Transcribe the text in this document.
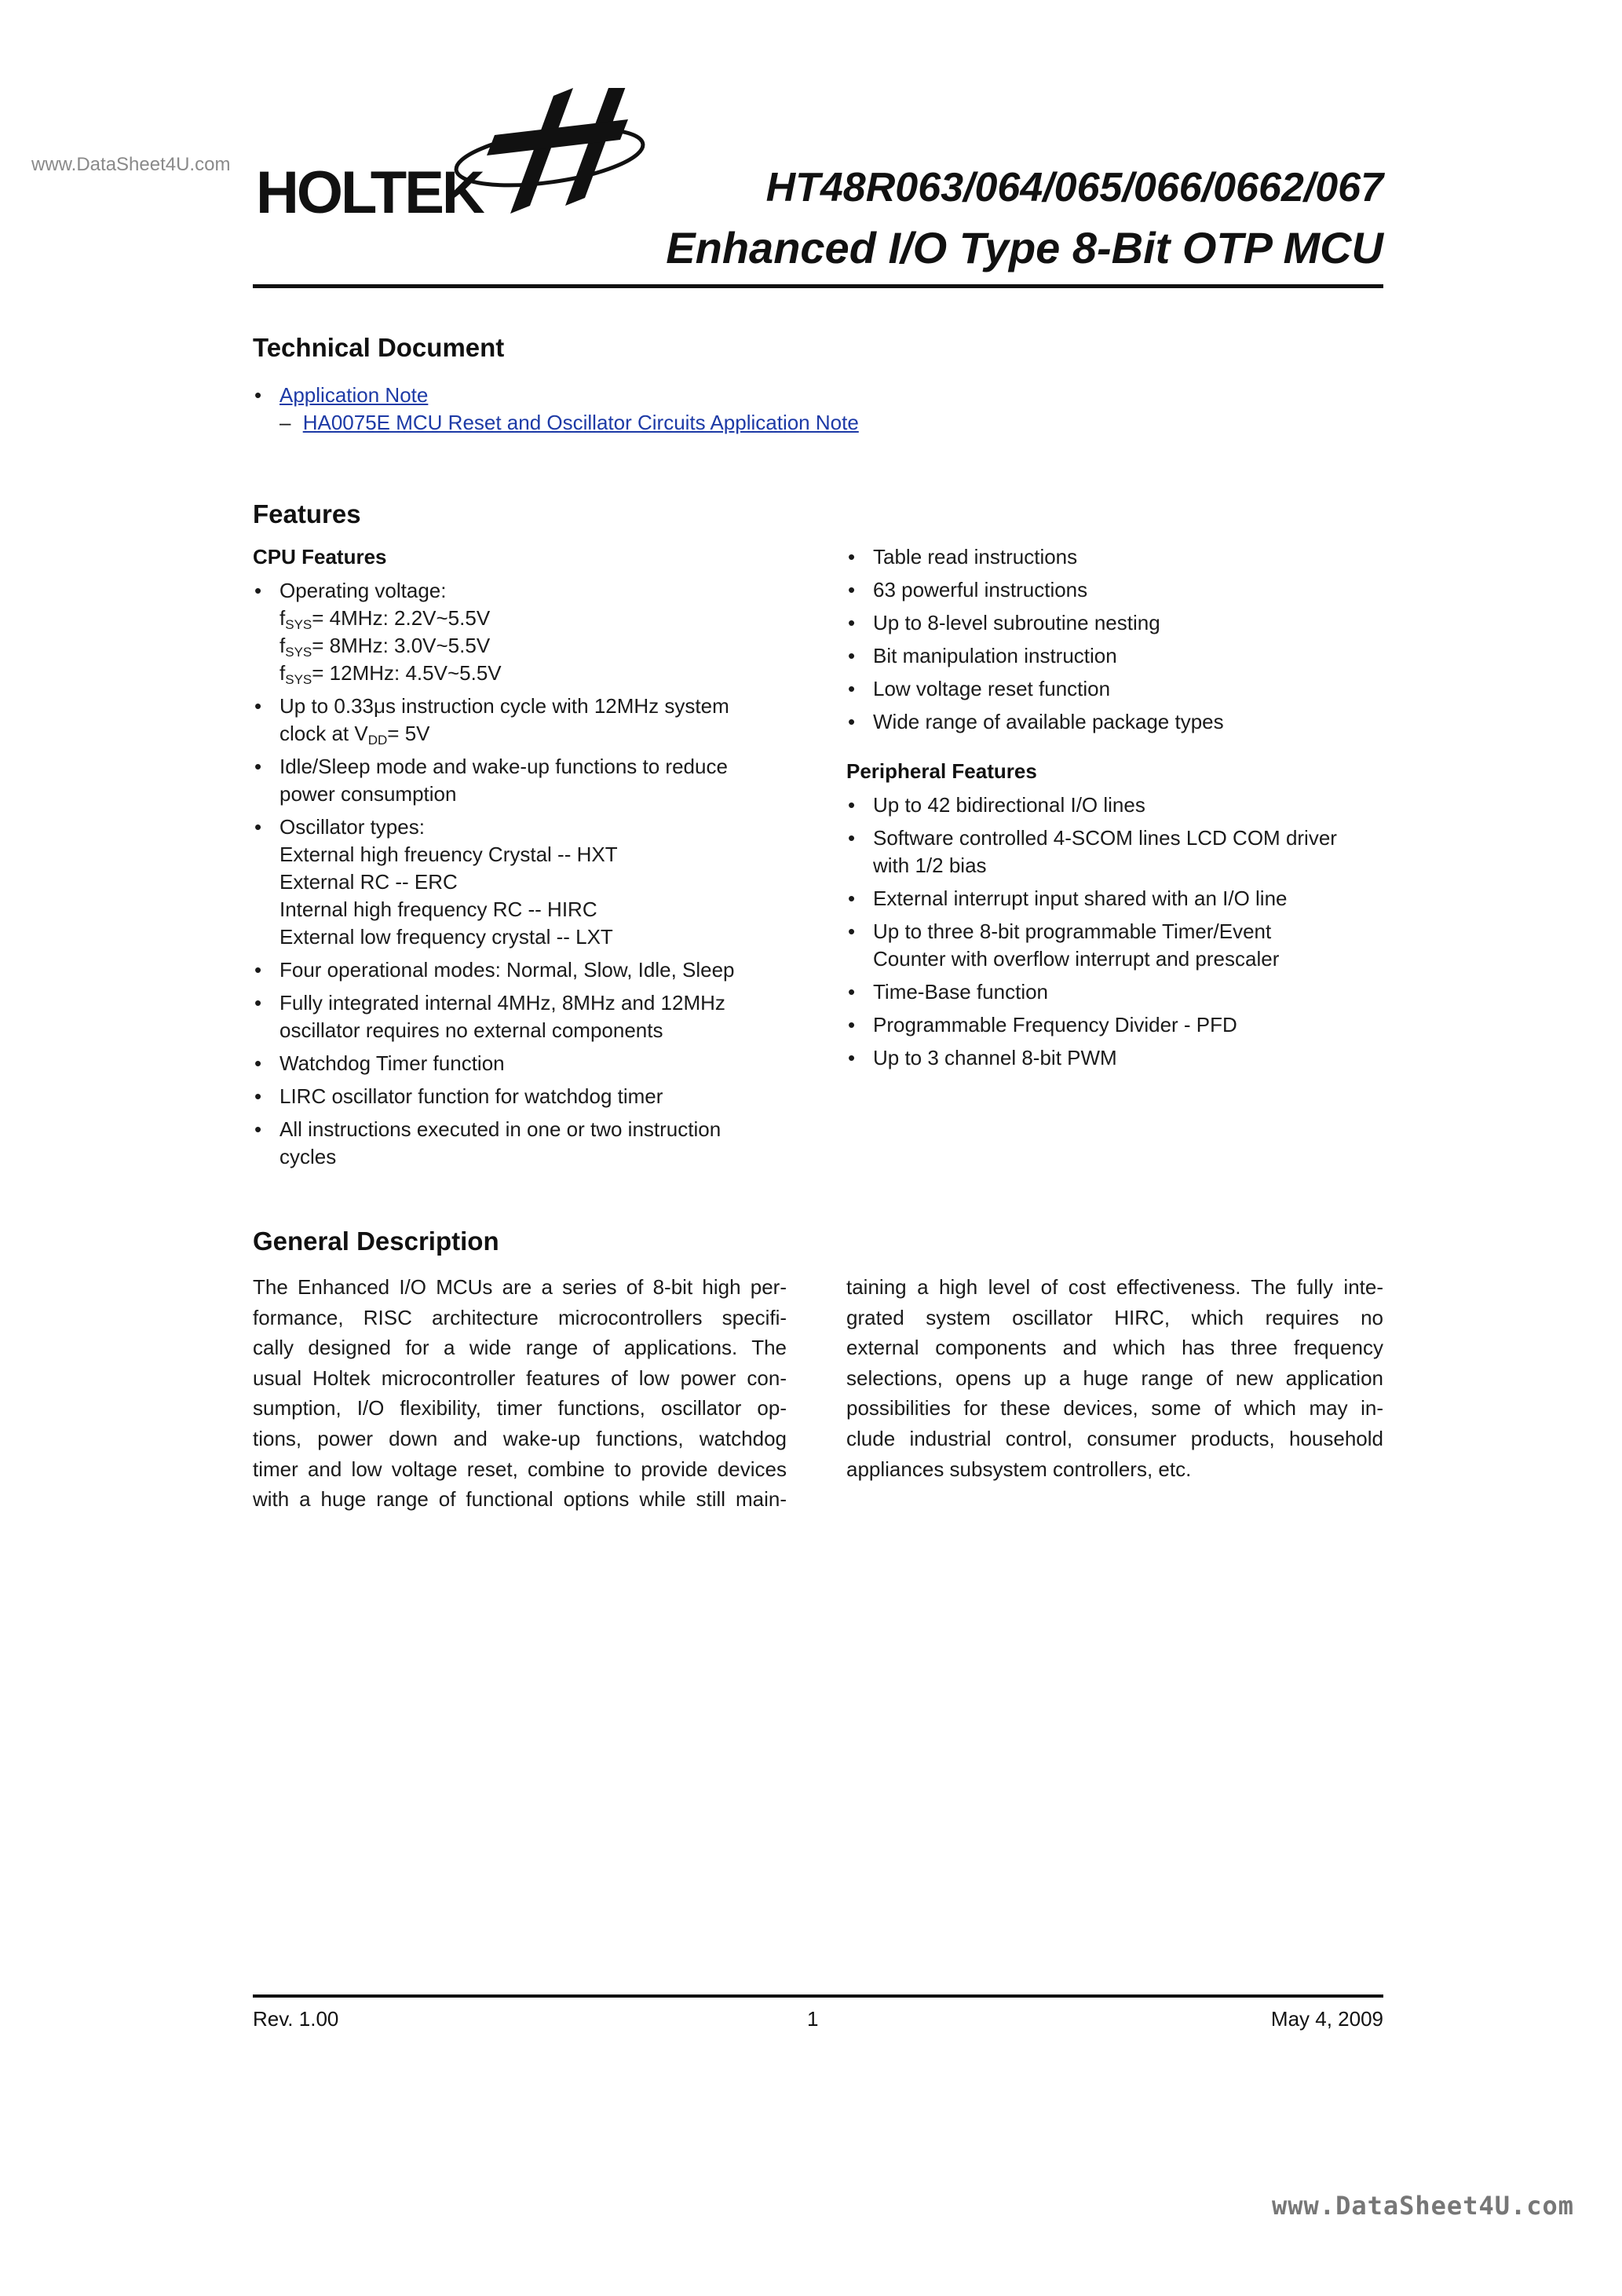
www.DataSheet4U.com HOLTEK	HT48R063/064/065/066/0662/067
Enhanced I/O Type 8-Bit OTP MCU
Technical Document
• Application Note
– HA0075E MCU Reset and Oscillator Circuits Application Note
Features
CPU Features
• Operating voltage:
$f_{SYS}= 4MHz$: 2.2V~5.5V
$f_{SYS}= 8MHz$: 3.0V~5.5V
$f_{SYS}= 12MHz$: 4.5V~5.5V
• Up to 0.33μs instruction cycle with 12MHz system
clock at $V_{DD}= 5V$
• Idle/Sleep mode and wake-up functions to reduce
power consumption
• Oscillator types:
External high freuency Crystal -- HXT
External RC -- ERC
Internal high frequency RC -- HIRC
External low frequency crystal -- LXT
• Four operational modes: Normal, Slow, Idle, Sleep
• Fully integrated internal 4MHz, 8MHz and 12MHz
oscillator requires no external components
• Watchdog Timer function
• LIRC oscillator function for watchdog timer
• All instructions executed in one or two instruction
cycles
• Table read instructions
• 63 powerful instructions
• Up to 8-level subroutine nesting
• Bit manipulation instruction
• Low voltage reset function
• Wide range of available package types
Peripheral Features
• Up to 42 bidirectional I/O lines
• Software controlled 4-SCOM lines LCD COM driver
with 1/2 bias
• External interrupt input shared with an I/O line
• Up to three 8-bit programmable Timer/Event
Counter with overflow interrupt and prescaler
• Time-Base function
• Programmable Frequency Divider - PFD
• Up to 3 channel 8-bit PWM
General Description
The Enhanced I/O MCUs are a series of 8-bit high per-
formance, RISC architecture microcontrollers specifi-
cally designed for a wide range of applications. The
usual Holtek microcontroller features of low power con-
sumption, I/O flexibility, timer functions, oscillator op-
tions, power down and wake-up functions, watchdog
timer and low voltage reset, combine to provide devices
with a huge range of functional options while still main-
taining a high level of cost effectiveness. The fully inte-
grated system oscillator HIRC, which requires no
external components and which has three frequency
selections, opens up a huge range of new application
possibilities for these devices, some of which may in-
clude industrial control, consumer products, household
appliances subsystem controllers, etc.
Rev. 1.00	1	May 4, 2009
www.DataSheet4U.com
